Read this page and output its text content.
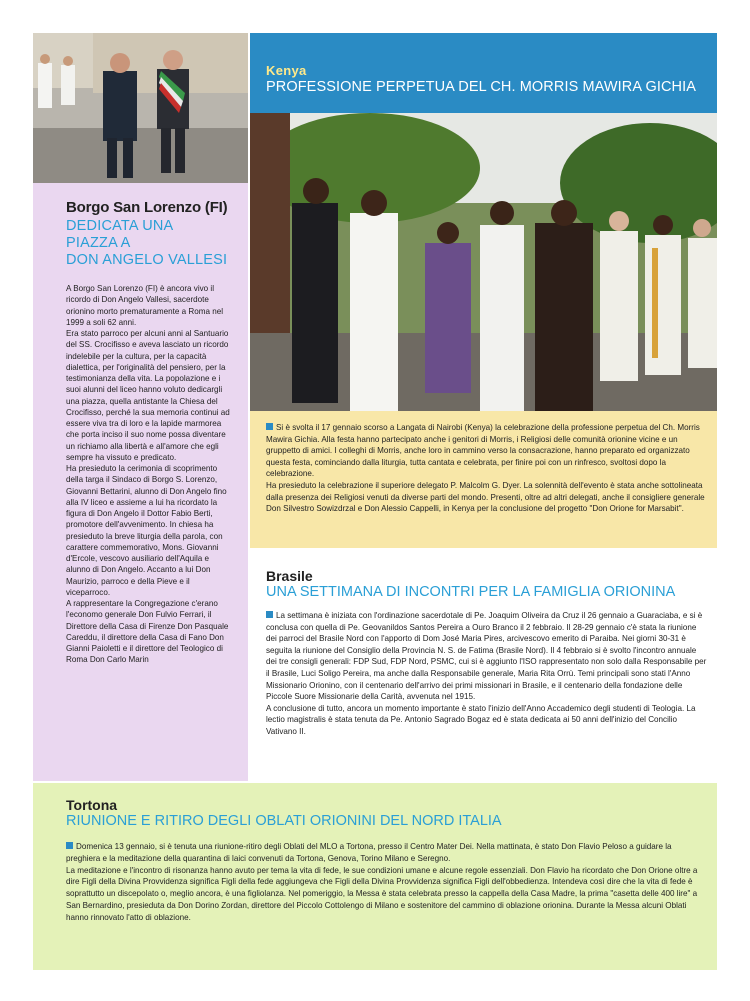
Borgo San Lorenzo (FI)
DEDICATA UNA
PIAZZA A
DON ANGELO VALLESI

A Borgo San Lorenzo (FI) è ancora vivo il ricordo di Don Angelo Vallesi, sacerdote orionino morto prematuramente a Roma nel 1999 a soli 62 anni.

Era stato parroco per alcuni anni al Santuario del SS. Crocifisso e aveva lasciato un ricordo indelebile per la cultura, per la capacità dialettica, per l'originalità del pensiero, per la testimonianza della vita. La popolazione e i suoi alunni del liceo hanno voluto dedicargli una piazza, quella antistante la Chiesa del Crocifisso, perché la sua memoria continui ad essere viva tra di loro e la lapide marmorea che porta inciso il suo nome possa diventare un richiamo alla libertà e all'amore che egli sempre ha vissuto e predicato.

Ha presieduto la cerimonia di scoprimento della targa il Sindaco di Borgo S. Lorenzo, Giovanni Bettarini, alunno di Don Angelo fino alla IV liceo e assieme a lui ha ricordato la figura di Don Angelo il Dottor Fabio Berti, promotore dell'avvenimento. In chiesa ha presieduto la breve liturgia della parola, con carattere commemorativo, Mons. Giovanni d'Ercole, vescovo ausiliario dell'Aquila e alunno di Don Angelo. Accanto a lui Don Maurizio, parroco e della Pieve e il viceparroco.

A rappresentare la Congregazione c'erano l'economo generale Don Fulvio Ferrari, il Direttore della Casa di Firenze Don Pasquale Careddu, il direttore della Casa di Fano Don Gianni Paioletti e il direttore del Teologico di Roma Don Carlo Marin

Kenya
PROFESSIONE PERPETUA DEL CH. MORRIS MAWIRA GICHIA

Si è svolta il 17 gennaio scorso a Langata di Nairobi (Kenya) la celebrazione della professione perpetua del Ch. Morris Mawira Gichia. Alla festa hanno partecipato anche i genitori di Morris, i Religiosi delle comunità orionine vicine e un gruppetto di amici. I colleghi di Morris, anche loro in cammino verso la consacrazione, hanno preparato ed organizzato questa festa, cominciando dalla liturgia, tutta cantata e celebrata, per finire poi con un rinfresco, svoltosi dopo la celebrazione.

Ha presieduto la celebrazione il superiore delegato P. Malcolm G. Dyer. La solennità dell'evento è stata anche sottolineata dalla presenza dei Religiosi venuti da diverse parti del mondo. Presenti, oltre ad altri delegati, anche il consigliere generale Don Silvestro Sowizdrzal e Don Alessio Cappelli, in Kenya per la conclusione del progetto "Don Orione for Marsabit".

Brasile
UNA SETTIMANA DI INCONTRI PER LA FAMIGLIA ORIONINA

La settimana è iniziata con l'ordinazione sacerdotale di Pe. Joaquim Oliveira da Cruz il 26 gennaio a Guaraciaba, e si è conclusa con quella di Pe. Geovanildos Santos Pereira a Ouro Branco il 2 febbraio. Il 28-29 gennaio c'è stata la riunione dei parroci del Brasile Nord con l'apporto di Dom José Maria Pires, arcivescovo emerito di Paraiba. Nei giorni 30-31 è seguita la riunione del Consiglio della Provincia N. S. de Fatima (Brasile Nord). Il 4 febbraio si è svolto l'incontro annuale dei tre consigli generali: FDP Sud, FDP Nord, PSMC, cui si è aggiunto l'ISO rappresentato non solo dalla Responsabile per il Brasile, Luci Soligo Pereira, ma anche dalla Responsabile generale, Maria Rita Orrù. Temi principali sono stati l'Anno Missionario Orionino, con il centenario dell'arrivo dei primi missionari in Brasile, e il centenario della fondazione delle Piccole Suore Missionarie della Carità, avvenuta nel 1915.

A conclusione di tutto, ancora un momento importante è stato l'inizio dell'Anno Accademico degli studenti di Teologia. La lectio magistralis è stata tenuta da Pe. Antonio Sagrado Bogaz ed è stata dedicata ai 50 anni dell'inizio del Concilio Vativano II.

Tortona
RIUNIONE E RITIRO DEGLI OBLATI ORIONINI DEL NORD ITALIA

Domenica 13 gennaio, si è tenuta una riunione-ritiro degli Oblati del MLO a Tortona, presso il Centro Mater Dei. Nella mattinata, è stato Don Flavio Peloso a guidare la preghiera e la meditazione della quarantina di laici convenuti da Tortona, Genova, Torino Milano e Seregno.

La meditazione e l'incontro di risonanza hanno avuto per tema la vita di fede, le sue condizioni umane e alcune regole essenziali. Don Flavio ha ricordato che Don Orione oltre a dire Figli della Divina Provvidenza significa Figli della fede aggiungeva che Figli della Divina Provvidenza significa Figli dell'obbedienza. Intendeva così dire che la vita di fede è soprattutto un discepolato o, meglio ancora, è una figliolanza. Nel pomeriggio, la Messa è stata celebrata presso la cappella della Casa Madre, la prima "casetta delle 400 lire" a San Bernardino, presieduta da Don Dorino Zordan, direttore del Piccolo Cottolengo di Milano e sostenitore del cammino di oblazione orionina. Durante la Messa alcuni Oblati hanno rinnovato l'atto di oblazione.
